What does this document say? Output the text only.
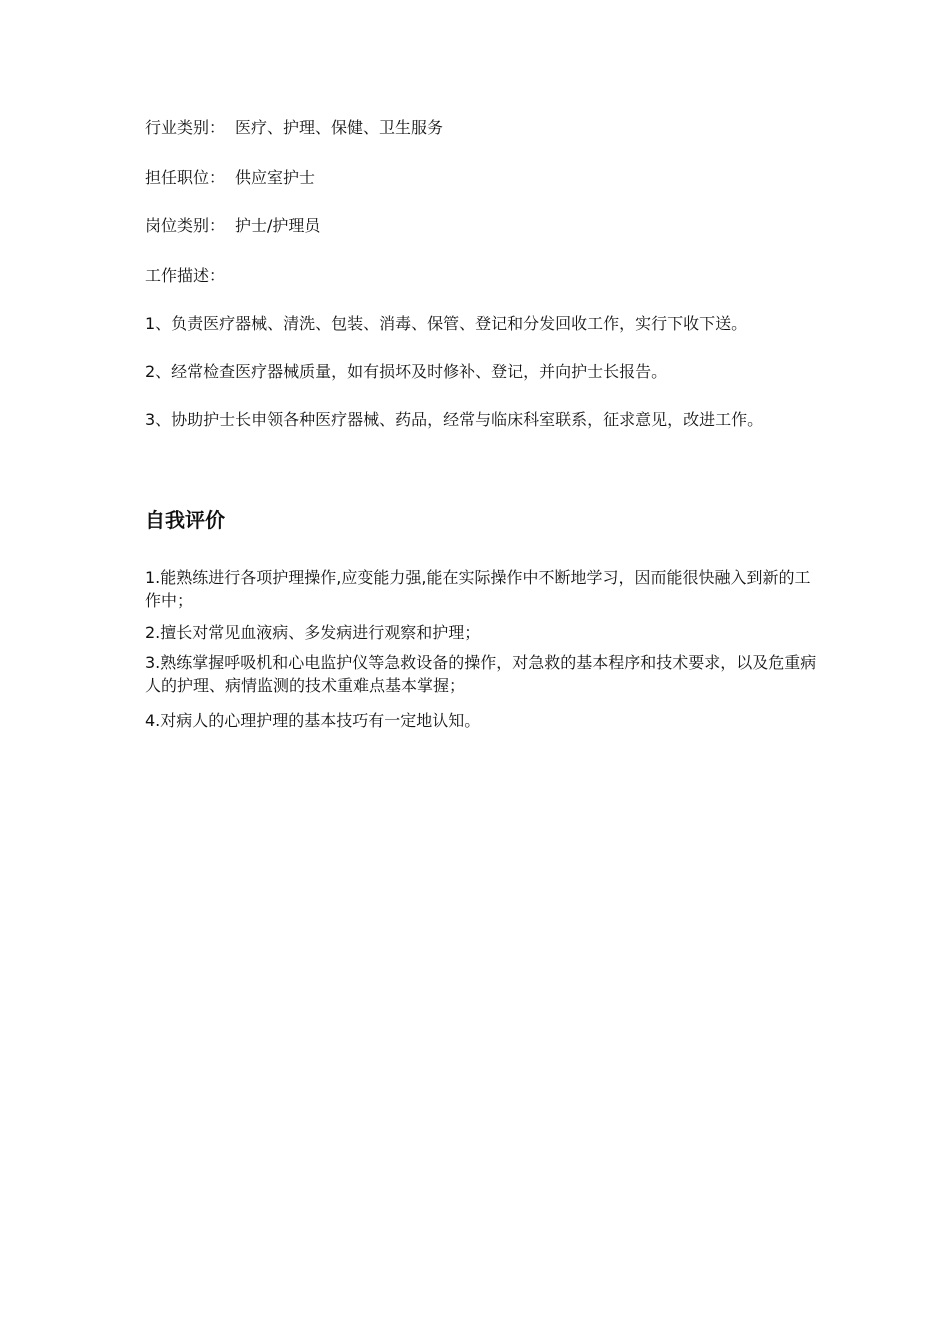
行业类别： 医疗、护理、保健、卫生服务
担任职位： 供应室护士
岗位类别： 护士/护理员
工作描述：
1、负责医疗器械、清洗、包装、消毒、保管、登记和分发回收工作，实行下收下送。
2、经常检查医疗器械质量，如有损坏及时修补、登记，并向护士长报告。
3、协助护士长申领各种医疗器械、药品，经常与临床科室联系，征求意见，改进工作。
自我评价
1.能熟练进行各项护理操作,应变能力强,能在实际操作中不断地学习，因而能很快融入到新的工作中；
2.擅长对常见血液病、多发病进行观察和护理；
3.熟练掌握呼吸机和心电监护仪等急救设备的操作，对急救的基本程序和技术要求，以及危重病人的护理、病情监测的技术重难点基本掌握；
4.对病人的心理护理的基本技巧有一定地认知。
